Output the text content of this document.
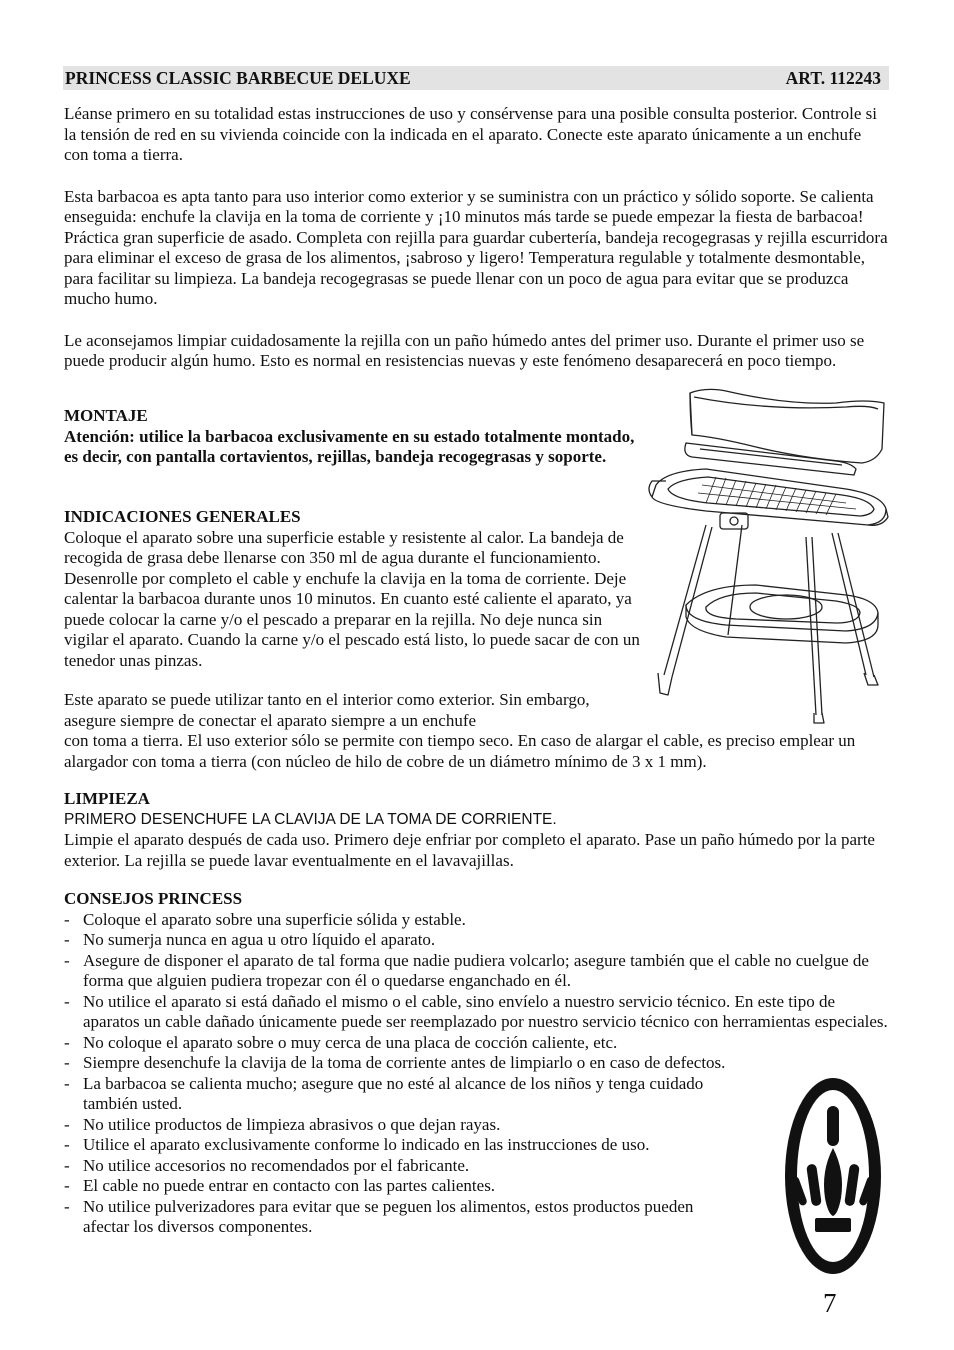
PRINCESS CLASSIC BARBECUE DELUXE	ART. 112243

Léanse primero en su totalidad estas instrucciones de uso y consérvense para una posible consulta posterior. Controle si la tensión de red en su vivienda coincide con la indicada en el aparato. Conecte este aparato únicamente a un enchufe con toma a tierra.

Esta barbacoa es apta tanto para uso interior como exterior y se suministra con un práctico y sólido soporte. Se calienta enseguida: enchufe la clavija en la toma de corriente y ¡10 minutos más tarde se puede empezar la fiesta de barbacoa! Práctica gran superficie de asado. Completa con rejilla para guardar cubertería, bandeja recogegrasas y rejilla escurridora para eliminar el exceso de grasa de los alimentos, ¡sabroso y ligero! Temperatura regulable y totalmente desmontable, para facilitar su limpieza. La bandeja recogegrasas se puede llenar con un poco de agua para evitar que se produzca mucho humo.

Le aconsejamos limpiar cuidadosamente la rejilla con un paño húmedo antes del primer uso. Durante el primer uso se puede producir algún humo. Esto es normal en resistencias nuevas y este fenómeno desaparecerá en poco tiempo.

MONTAJE

Atención: utilice la barbacoa exclusivamente en su estado totalmente montado, es decir, con pantalla cortavientos, rejillas, bandeja recogegrasas y soporte.

INDICACIONES GENERALES

Coloque el aparato sobre una superficie estable y resistente al calor. La bandeja de recogida de grasa debe llenarse con 350 ml de agua durante el funcionamiento. Desenrolle por completo el cable y enchufe la clavija en la toma de corriente. Deje calentar la barbacoa durante unos 10 minutos. En cuanto esté caliente el aparato, ya puede colocar la carne y/o el pescado a preparar en la rejilla. No deje nunca sin vigilar el aparato. Cuando la carne y/o el pescado está listo, lo puede sacar de con un tenedor unas pinzas.

Este aparato se puede utilizar tanto en el interior como exterior. Sin embargo, asegure siempre de conectar el aparato siempre a un enchufe
con toma a tierra. El uso exterior sólo se permite con tiempo seco. En caso de alargar el cable, es preciso emplear un alargador con toma a tierra (con núcleo de hilo de cobre de un diámetro mínimo de 3 x 1 mm).

LIMPIEZA

PRIMERO DESENCHUFE LA CLAVIJA DE LA TOMA DE CORRIENTE.

Limpie el aparato después de cada uso. Primero deje enfriar por completo el aparato. Pase un paño húmedo por la parte exterior. La rejilla se puede lavar eventualmente en el lavavajillas.

CONSEJOS PRINCESS

- Coloque el aparato sobre una superficie sólida y estable.
- No sumerja nunca en agua u otro líquido el aparato.
- Asegure de disponer el aparato de tal forma que nadie pudiera volcarlo; asegure también que el cable no cuelgue de forma que alguien pudiera tropezar con él o quedarse enganchado en él.
- No utilice el aparato si está dañado el mismo o el cable, sino envíelo a nuestro servicio técnico. En este tipo de aparatos un cable dañado únicamente puede ser reemplazado por nuestro servicio técnico con herramientas especiales.
- No coloque el aparato sobre o muy cerca de una placa de cocción caliente, etc.
- Siempre desenchufe la clavija de la toma de corriente antes de limpiarlo o en caso de defectos.
- La barbacoa se calienta mucho; asegure que no esté al alcance de los niños y tenga cuidado también usted.
- No utilice productos de limpieza abrasivos o que dejan rayas.
- Utilice el aparato exclusivamente conforme lo indicado en las instrucciones de uso.
- No utilice accesorios no recomendados por el fabricante.
- El cable no puede entrar en contacto con las partes calientes.
- No utilice pulverizadores para evitar que se peguen los alimentos, estos productos pueden afectar los diversos componentes.
7
